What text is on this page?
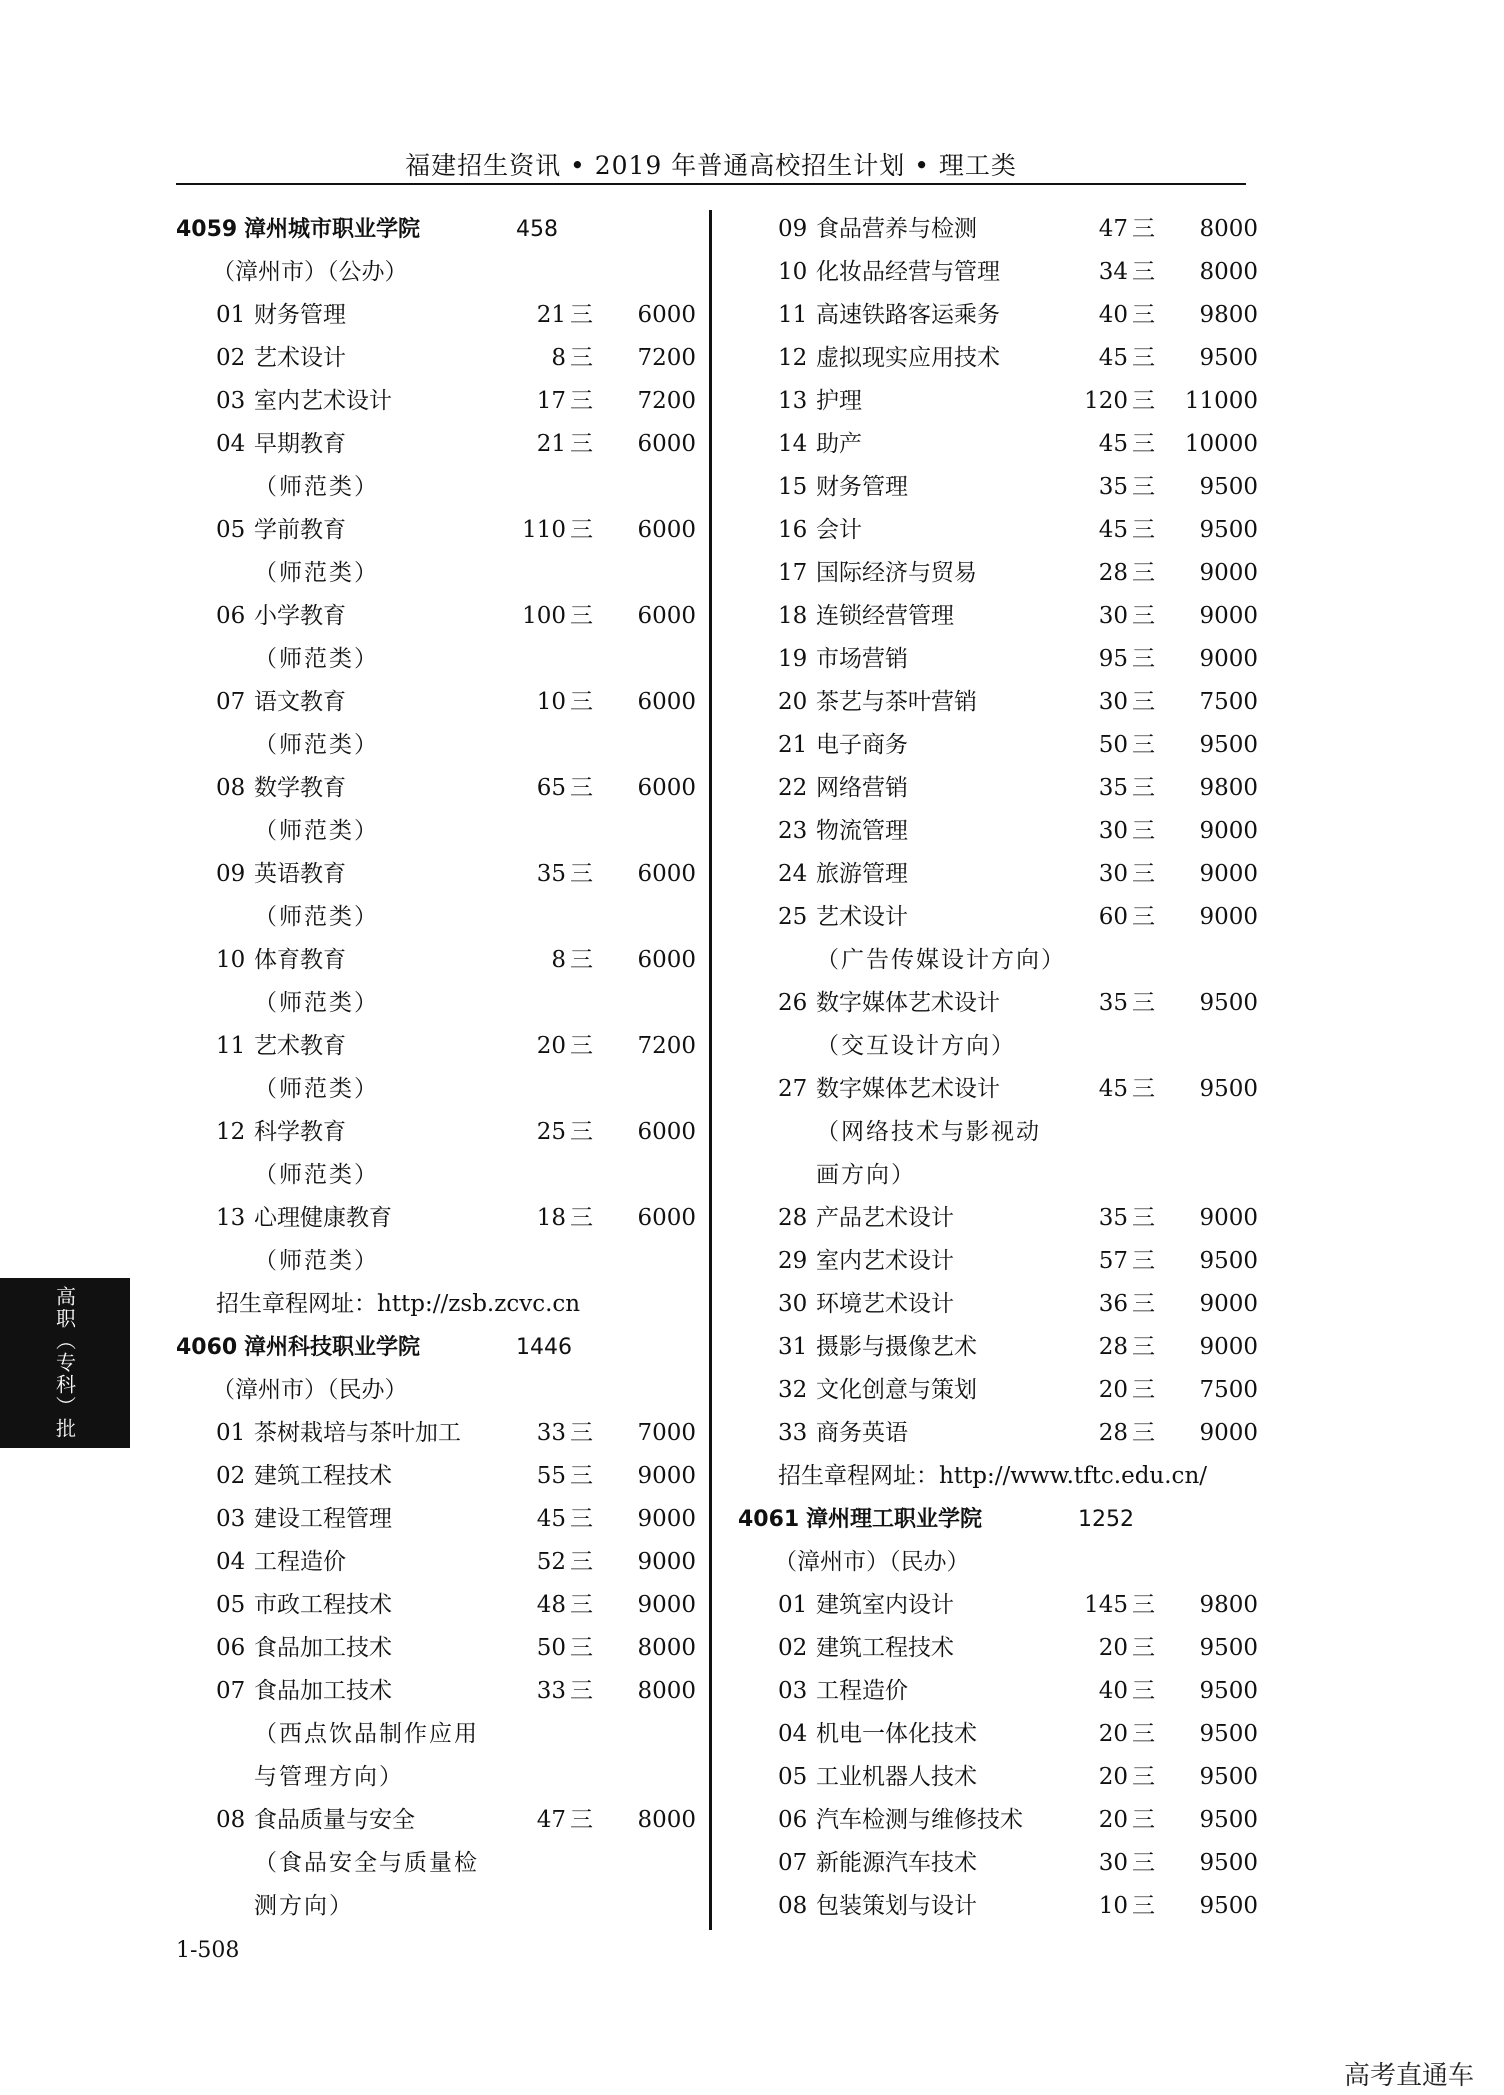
福建招生资讯 • 2019 年普通高校招生计划 • 理工类
4059 漳州城市职业学院	458
（漳州市）（公办）
01 财务管理	21 三	6000
02 艺术设计	8 三	7200
03 室内艺术设计	17 三	7200
04 早期教育	21 三	6000
（师范类）
05 学前教育	110 三	6000
（师范类）
06 小学教育	100 三	6000
（师范类）
07 语文教育	10 三	6000
（师范类）
08 数学教育	65 三	6000
（师范类）
09 英语教育	35 三	6000
（师范类）
10 体育教育	8 三	6000
（师范类）
11 艺术教育	20 三	7200
（师范类）
12 科学教育	25 三	6000
（师范类）
13 心理健康教育	18 三	6000
（师范类）
招生章程网址：http://zsb.zcvc.cn
4060 漳州科技职业学院	1446
（漳州市）（民办）
01 茶树栽培与茶叶加工	33 三	7000
02 建筑工程技术	55 三	9000
03 建设工程管理	45 三	9000
04 工程造价	52 三	9000
05 市政工程技术	48 三	9000
06 食品加工技术	50 三	8000
07 食品加工技术	33 三	8000
（西点饮品制作应用
与管理方向）
08 食品质量与安全	47 三	8000
（食品安全与质量检
测方向）
09 食品营养与检测	47 三	8000
10 化妆品经营与管理	34 三	8000
11 高速铁路客运乘务	40 三	9800
12 虚拟现实应用技术	45 三	9500
13 护理	120 三 11000
14 助产	45 三 10000
15 财务管理	35 三	9500
16 会计	45 三	9500
17 国际经济与贸易	28 三	9000
18 连锁经营管理	30 三	9000
19 市场营销	95 三	9000
20 茶艺与茶叶营销	30 三	7500
21 电子商务	50 三	9500
22 网络营销	35 三	9800
23 物流管理	30 三	9000
24 旅游管理	30 三	9000
25 艺术设计	60 三	9000
（广告传媒设计方向）
26 数字媒体艺术设计	35 三	9500
（交互设计方向）
27 数字媒体艺术设计	45 三	9500
（网络技术与影视动
画方向）
28 产品艺术设计	35 三	9000
29 室内艺术设计	57 三	9500
30 环境艺术设计	36 三	9000
31 摄影与摄像艺术	28 三	9000
32 文化创意与策划	20 三	7500
33 商务英语	28 三	9000
招生章程网址：http://www.tftc.edu.cn/
4061 漳州理工职业学院	1252
（漳州市）（民办）
01 建筑室内设计	145 三	9800
02 建筑工程技术	20 三	9500
03 工程造价	40 三	9500
04 机电一体化技术	20 三	9500
05 工业机器人技术	20 三	9500
06 汽车检测与维修技术	20 三	9500
07 新能源汽车技术	30 三	9500
08 包装策划与设计	10 三	9500
高职（专科）批
1-508
高考直通车
